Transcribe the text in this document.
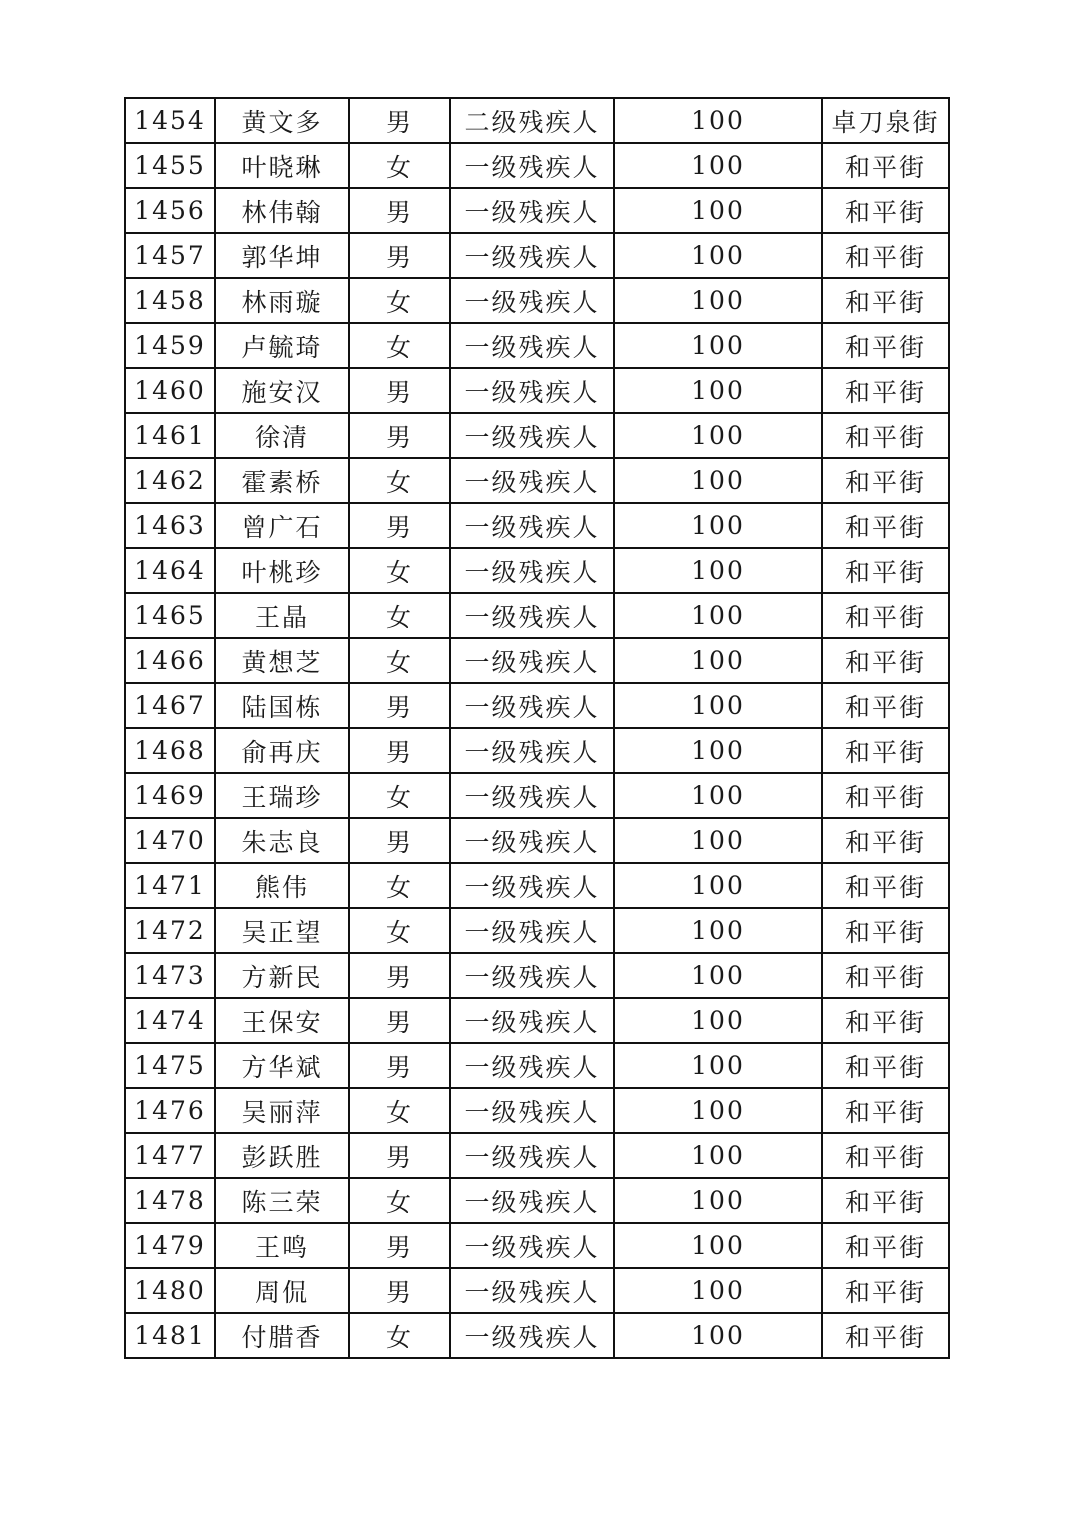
1454	黄文多	男	二级残疾人	100	卓刀泉街
1455	叶晓琳	女	一级残疾人	100	和平街
1456	林伟翰	男	一级残疾人	100	和平街
1457	郭华坤	男	一级残疾人	100	和平街
1458	林雨璇	女	一级残疾人	100	和平街
1459	卢毓琦	女	一级残疾人	100	和平街
1460	施安汉	男	一级残疾人	100	和平街
1461	徐清	男	一级残疾人	100	和平街
1462	霍素桥	女	一级残疾人	100	和平街
1463	曾广石	男	一级残疾人	100	和平街
1464	叶桃珍	女	一级残疾人	100	和平街
1465	王晶	女	一级残疾人	100	和平街
1466	黄想芝	女	一级残疾人	100	和平街
1467	陆国栋	男	一级残疾人	100	和平街
1468	俞再庆	男	一级残疾人	100	和平街
1469	王瑞珍	女	一级残疾人	100	和平街
1470	朱志良	男	一级残疾人	100	和平街
1471	熊伟	女	一级残疾人	100	和平街
1472	吴正望	女	一级残疾人	100	和平街
1473	方新民	男	一级残疾人	100	和平街
1474	王保安	男	一级残疾人	100	和平街
1475	方华斌	男	一级残疾人	100	和平街
1476	吴丽萍	女	一级残疾人	100	和平街
1477	彭跃胜	男	一级残疾人	100	和平街
1478	陈三荣	女	一级残疾人	100	和平街
1479	王鸣	男	一级残疾人	100	和平街
1480	周侃	男	一级残疾人	100	和平街
1481	付腊香	女	一级残疾人	100	和平街
